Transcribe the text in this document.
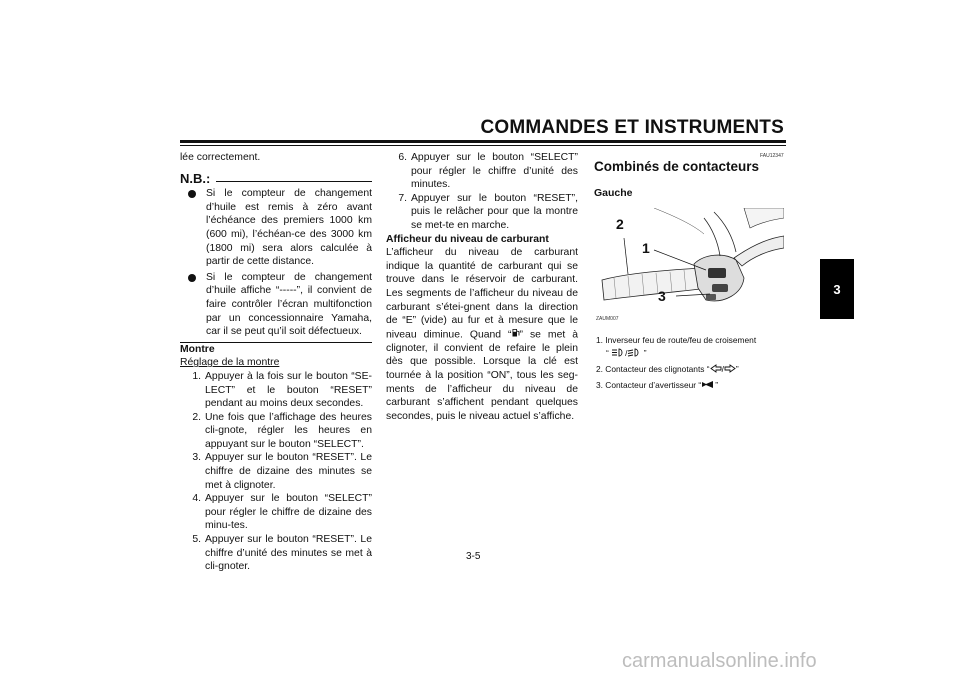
COMMANDES ET INSTRUMENTS
3

lée correctement.

N.B.:
Si le compteur de changement d’huile est remis à zéro avant l’échéance des premiers 1000 km (600 mi), l’échéan-ce des 3000 km (1800 mi) sera alors calculée à partir de cette distance.
Si le compteur de changement d’huile affiche “-----”, il convient de faire contrôler l’écran multifonction par un concessionnaire Yamaha, car il se peut qu’il soit défectueux.

Montre

Réglage de la montre

1. Appuyer à la fois sur le bouton “SE-LECT” et le bouton “RESET” pendant au moins deux secondes.
2. Une fois que l’affichage des heures cli-gnote, régler les heures en appuyant sur le bouton “SELECT”.
3. Appuyer sur le bouton “RESET”. Le chiffre de dizaine des minutes se met à clignoter.
4. Appuyer sur le bouton “SELECT” pour régler le chiffre de dizaine des minu-tes.
5. Appuyer sur le bouton “RESET”. Le chiffre d’unité des minutes se met à cli-gnoter.
6. Appuyer sur le bouton “SELECT” pour régler le chiffre d’unité des minutes.
7. Appuyer sur le bouton “RESET”, puis le relâcher pour que la montre se met-te en marche.

Afficheur du niveau de carburant

L’afficheur du niveau de carburant indique la quantité de carburant qui se trouve dans le réservoir de carburant. Les segments de l’afficheur du niveau de carburant s’étei-gnent dans la direction de “E” (vide) au fur et à mesure que le niveau diminue. Quand “ ” se met à clignoter, il convient de refaire le plein dès que possible. Lorsque la clé est tournée à la position “ON”, tous les seg-ments de l’afficheur du niveau de carburant s’affichent pendant quelques secondes, puis le niveau actuel s’affiche.

FAU12347
Combinés de contacteurs
Gauche
2
1
3
ZAUM007
1. Inverseur feu de route/feu de croisement
“ / ”
2. Contacteur des clignotants “ / ”
3. Contacteur d’avertisseur “ ”
3-5
carmanualsonline.info
